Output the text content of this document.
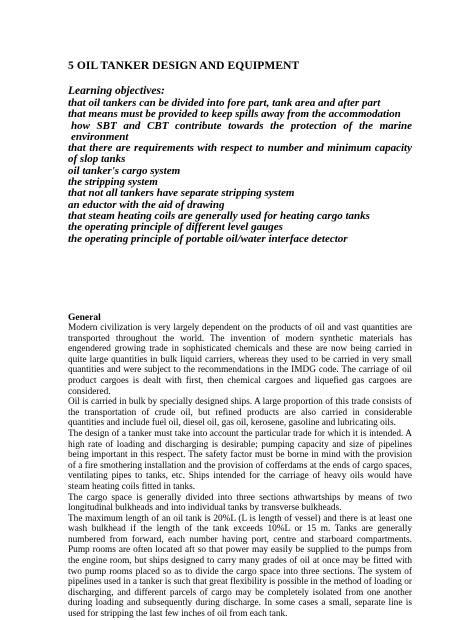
5 OIL TANKER DESIGN AND EQUIPMENT
Learning objectives:
that oil tankers can be divided into fore part, tank area and after part
that means must be provided to keep spills away from the accommodation
how SBT and CBT contribute towards the protection of the marine environment
that there are requirements with respect to number and minimum capacity of slop tanks
oil tanker's cargo system
the stripping system
that not all tankers have separate stripping system
an eductor with the aid of drawing
that steam heating coils are generally used for heating cargo tanks
the operating principle of different level gauges
the operating principle of portable oil/water interface detector
General

Modern civilization is very largely dependent on the products of oil and vast quantities are transported throughout the world. The invention of modern synthetic materials has engendered growing trade in sophisticated chemicals and these are now being carried in quite large quantities in bulk liquid carriers, whereas they used to be carried in very small quantities and were subject to the recommendations in the IMDG code. The carriage of oil product cargoes is dealt with first, then chemical cargoes and liquefied gas cargoes are considered.

Oil is carried in bulk by specially designed ships. A large proportion of this trade consists of the transportation of crude oil, but refined products are also carried in considerable quantities and include fuel oil, diesel oil, gas oil, kerosene, gasoline and lubricating oils.

The design of a tanker must take into account the particular trade for which it is intended. A high rate of loading and discharging is desirable; pumping capacity and size of pipelines being important in this respect. The safety factor must be borne in mind with the provision of a fire smothering installation and the provision of cofferdams at the ends of cargo spaces, ventilating pipes to tanks, etc. Ships intended for the carriage of heavy oils would have steam heating coils fitted in tanks.

The cargo space is generally divided into three sections athwartships by means of two longitudinal bulkheads and into individual tanks by transverse bulkheads.

The maximum length of an oil tank is 20%L (L is length of vessel) and there is at least one wash bulkhead if the length of the tank exceeds 10%L or 15 m. Tanks are generally numbered from forward, each number having port, centre and starboard compartments. Pump rooms are often located aft so that power may easily be supplied to the pumps from the engine room, but ships designed to carry many grades of oil at once may be fitted with two pump rooms placed so as to divide the cargo space into three sections. The system of pipelines used in a tanker is such that great flexibility is possible in the method of loading or discharging, and different parcels of cargo may be completely isolated from one another during loading and subsequently during discharge. In some cases a small, separate line is used for stripping the last few inches of oil from each tank.
